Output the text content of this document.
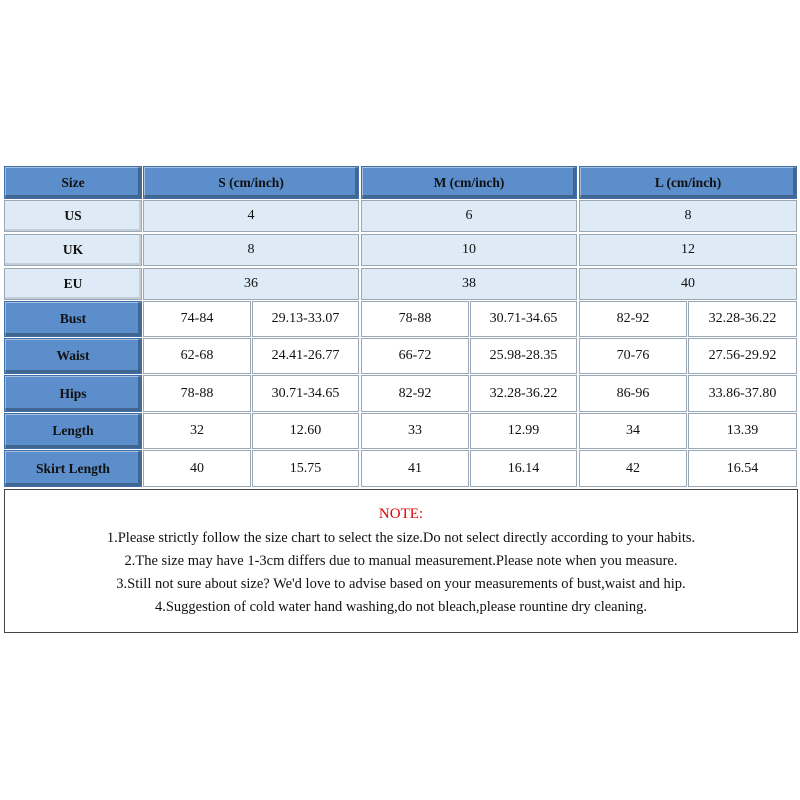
Size	S (cm/inch)	M (cm/inch)	L (cm/inch)
US	4	6	8
UK	8	10	12
EU	36	38	40
Bust	74-84	29.13-33.07	78-88	30.71-34.65	82-92	32.28-36.22
Waist	62-68	24.41-26.77	66-72	25.98-28.35	70-76	27.56-29.92
Hips	78-88	30.71-34.65	82-92	32.28-36.22	86-96	33.86-37.80
Length	32	12.60	33	12.99	34	13.39
Skirt Length	40	15.75	41	16.14	42	16.54
NOTE:
1.Please strictly follow the size chart to select the size.Do not select directly according to your habits.
2.The size may have 1-3cm differs due to manual measurement.Please note when you measure.
3.Still not sure about size? We'd love to advise based on your measurements of bust,waist and hip.
4.Suggestion of cold water hand washing,do not bleach,please rountine dry cleaning.
